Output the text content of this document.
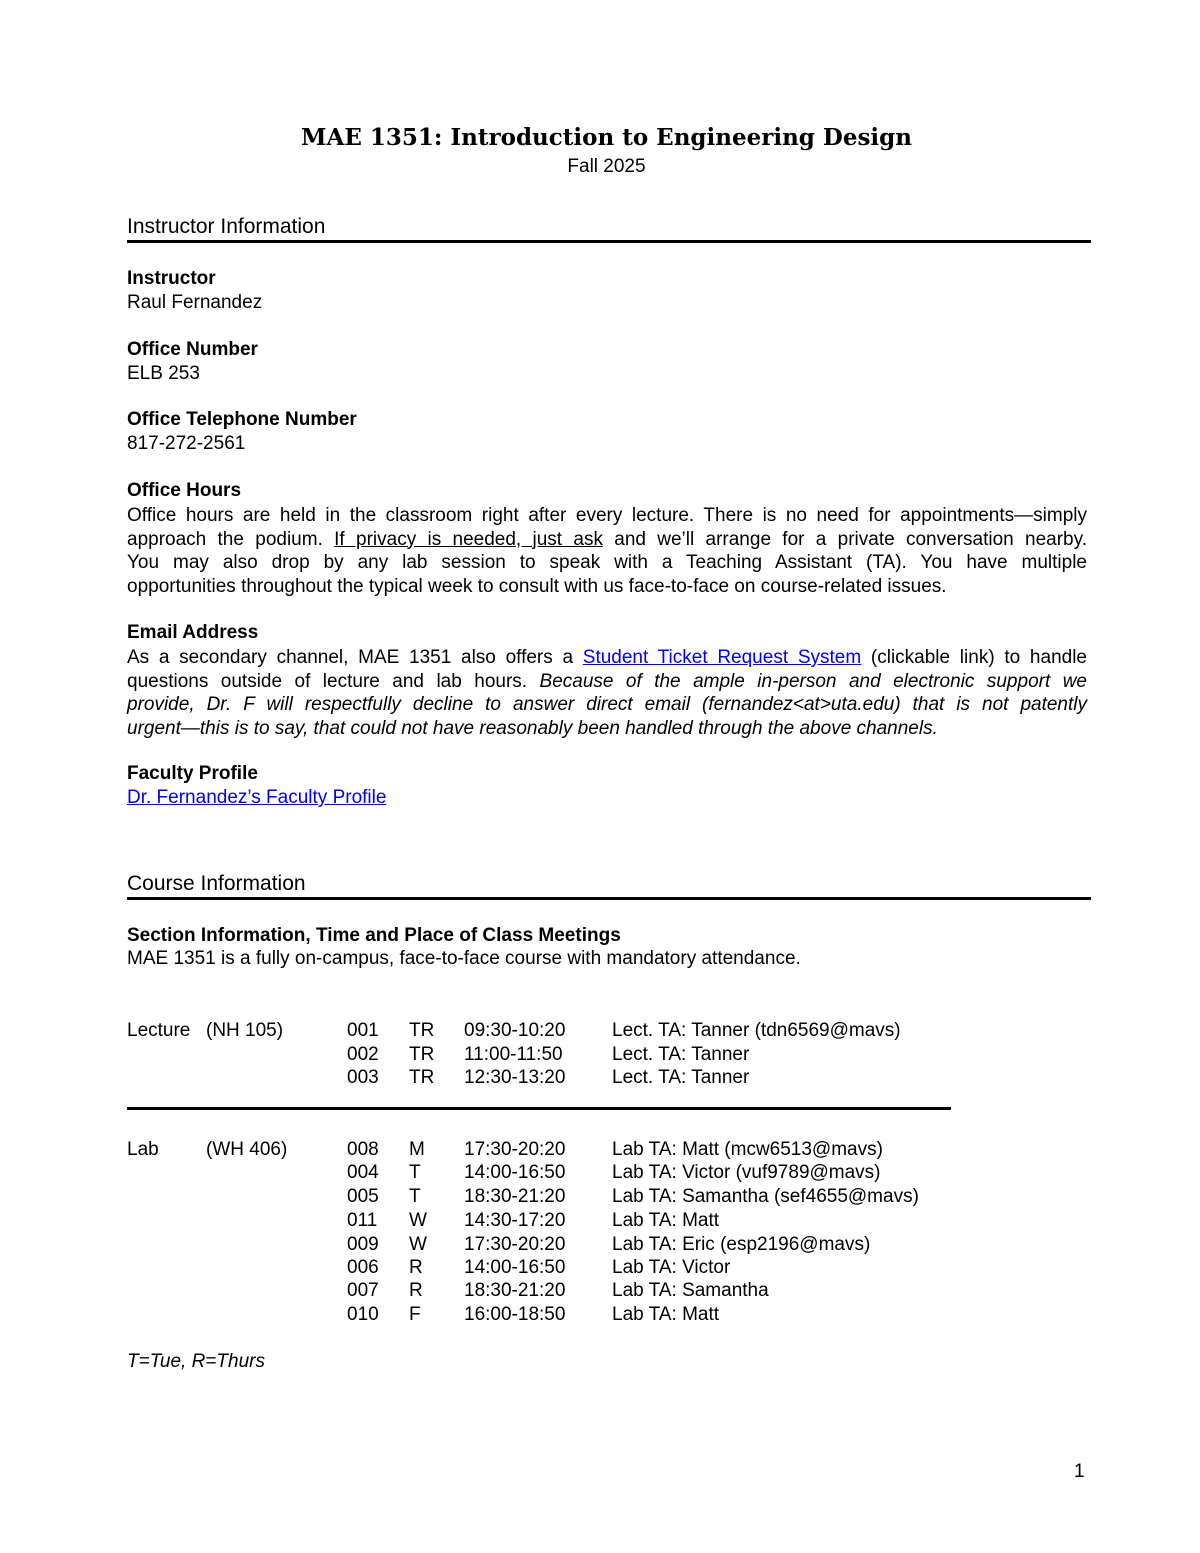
MAE 1351: Introduction to Engineering Design
Fall 2025
Instructor Information
Instructor
Raul Fernandez
Office Number
ELB 253
Office Telephone Number
817-272-2561
Office Hours
Office hours are held in the classroom right after every lecture. There is no need for appointments—simply
approach the podium. If privacy is needed, just ask and we’ll arrange for a private conversation nearby.
You may also drop by any lab session to speak with a Teaching Assistant (TA). You have multiple
opportunities throughout the typical week to consult with us face-to-face on course-related issues.
Email Address
As a secondary channel, MAE 1351 also offers a Student Ticket Request System (clickable link) to handle
questions outside of lecture and lab hours. Because of the ample in-person and electronic support we
provide, Dr. F will respectfully decline to answer direct email (fernandez<at>uta.edu) that is not patently
urgent—this is to say, that could not have reasonably been handled through the above channels.
Faculty Profile
Dr. Fernandez’s Faculty Profile
Course Information
Section Information, Time and Place of Class Meetings
MAE 1351 is a fully on-campus, face-to-face course with mandatory attendance.
Lecture (NH 105)	001 TR 09:30-10:20 Lect. TA: Tanner (tdn6569@mavs)
002 TR 11:00-11:50	Lect. TA: Tanner
003 TR 12:30-13:20 Lect. TA: Tanner
Lab (WH 406)	008 M 17:30-20:20 Lab TA: Matt (mcw6513@mavs)
004 T 14:00-16:50 Lab TA: Victor (vuf9789@mavs)
005 T 18:30-21:20 Lab TA: Samantha (sef4655@mavs)
011 W 14:30-17:20 Lab TA: Matt
009 W 17:30-20:20 Lab TA: Eric (esp2196@mavs)
006 R 14:00-16:50 Lab TA: Victor
007 R 18:30-21:20 Lab TA: Samantha
010 F 16:00-18:50 Lab TA: Matt
T=Tue, R=Thurs
1
